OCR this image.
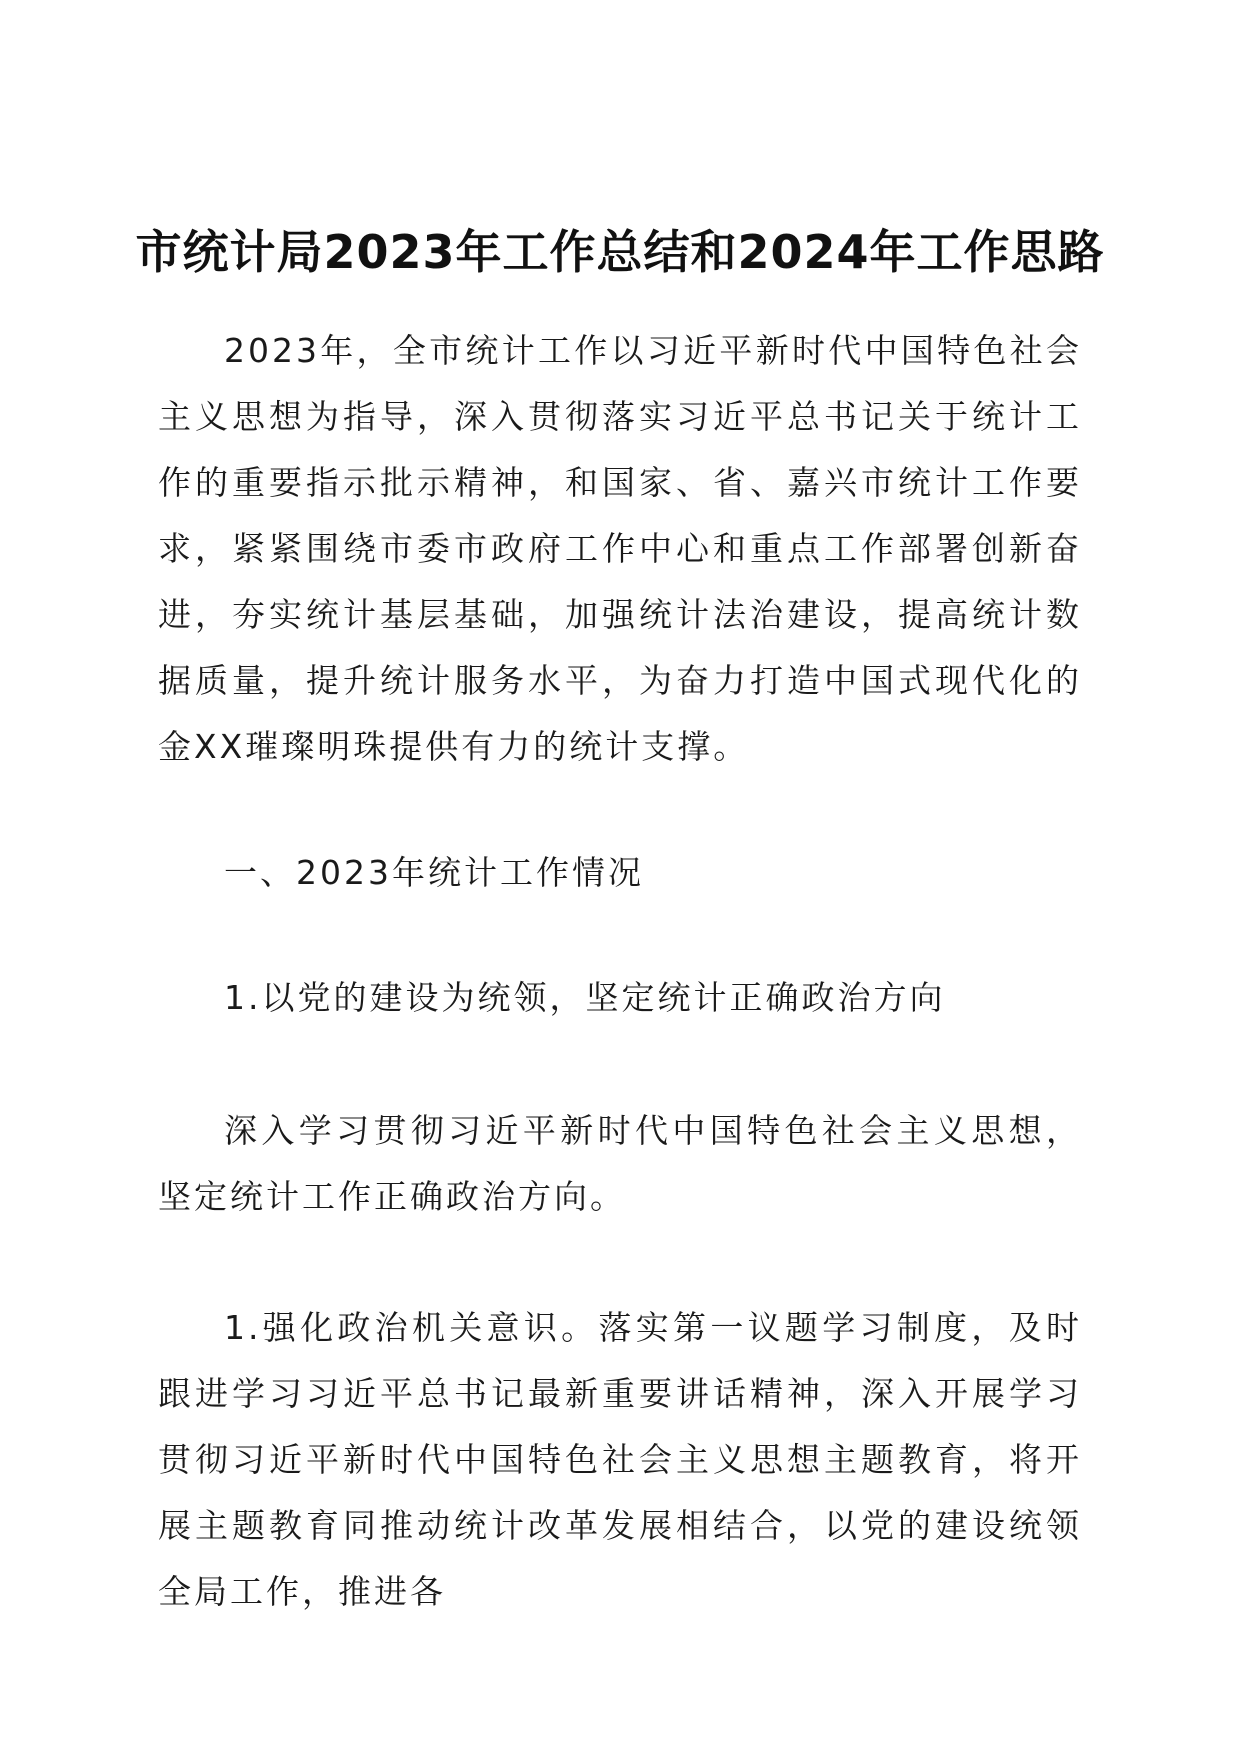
市统计局2023年工作总结和2024年工作思路

2023年，全市统计工作以习近平新时代中国特色社会主义思想为指导，深入贯彻落实习近平总书记关于统计工作的重要指示批示精神，和国家、省、嘉兴市统计工作要求，紧紧围绕市委市政府工作中心和重点工作部署创新奋进，夯实统计基层基础，加强统计法治建设，提高统计数据质量，提升统计服务水平，为奋力打造中国式现代化的金XX璀璨明珠提供有力的统计支撑。

一、2023年统计工作情况

1.以党的建设为统领，坚定统计正确政治方向

深入学习贯彻习近平新时代中国特色社会主义思想，坚定统计工作正确政治方向。

1.强化政治机关意识。落实第一议题学习制度，及时跟进学习习近平总书记最新重要讲话精神，深入开展学习贯彻习近平新时代中国特色社会主义思想主题教育，将开展主题教育同推动统计改革发展相结合，以党的建设统领全局工作，推进各
